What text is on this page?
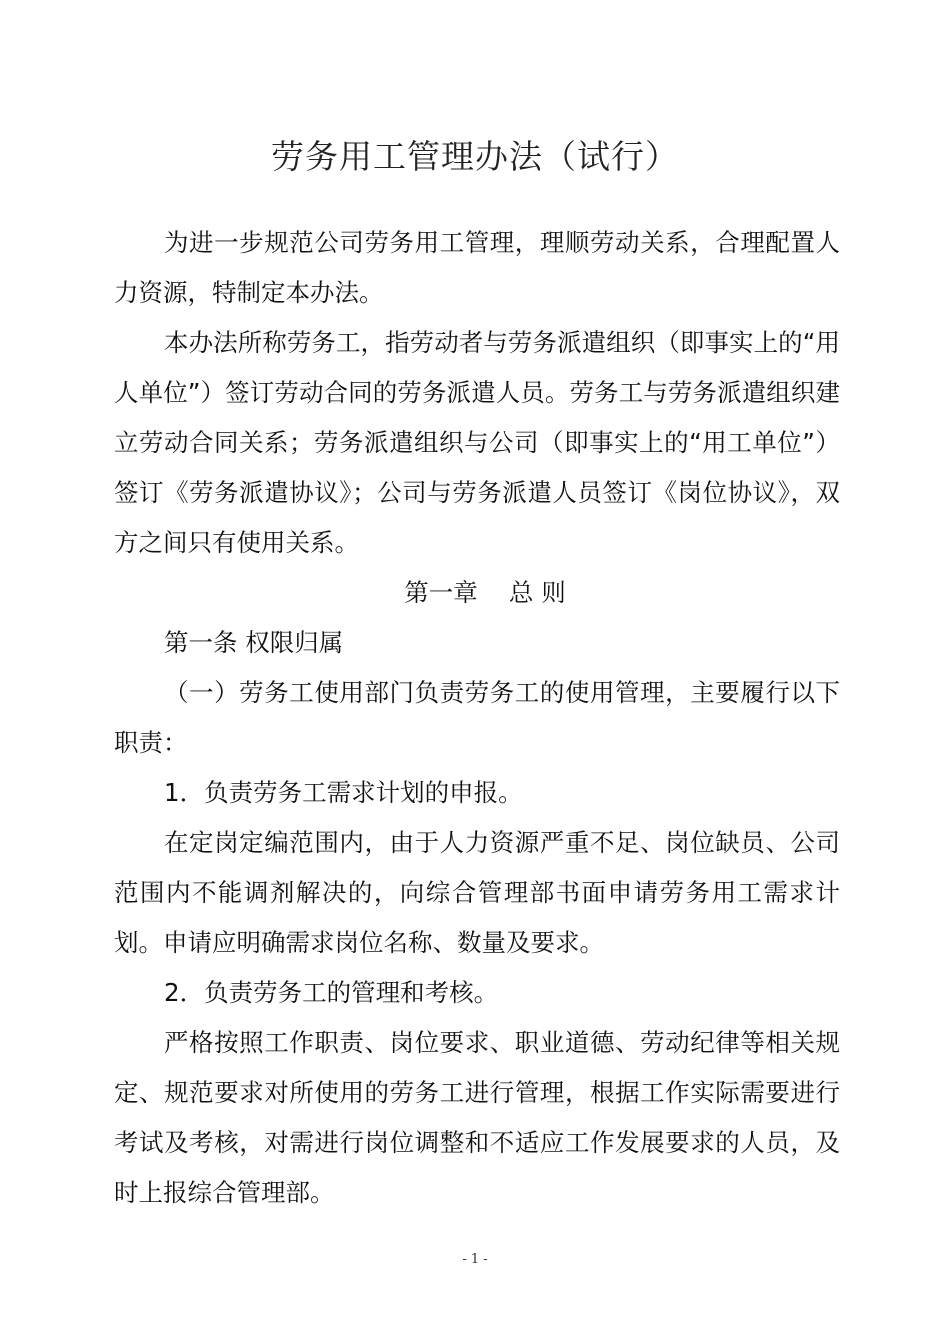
劳务用工管理办法（试行）

为进一步规范公司劳务用工管理，理顺劳动关系，合理配置人力资源，特制定本办法。

本办法所称劳务工，指劳动者与劳务派遣组织（即事实上的“用人单位”）签订劳动合同的劳务派遣人员。劳务工与劳务派遣组织建立劳动合同关系；劳务派遣组织与公司（即事实上的“用工单位”）签订《劳务派遣协议》；公司与劳务派遣人员签订《岗位协议》，双方之间只有使用关系。

第一章    总 则

第一条 权限归属

（一）劳务工使用部门负责劳务工的使用管理，主要履行以下职责：

1．负责劳务工需求计划的申报。

在定岗定编范围内，由于人力资源严重不足、岗位缺员、公司范围内不能调剂解决的，向综合管理部书面申请劳务用工需求计划。申请应明确需求岗位名称、数量及要求。

2．负责劳务工的管理和考核。

严格按照工作职责、岗位要求、职业道德、劳动纪律等相关规定、规范要求对所使用的劳务工进行管理，根据工作实际需要进行考试及考核，对需进行岗位调整和不适应工作发展要求的人员，及时上报综合管理部。

- 1 -
